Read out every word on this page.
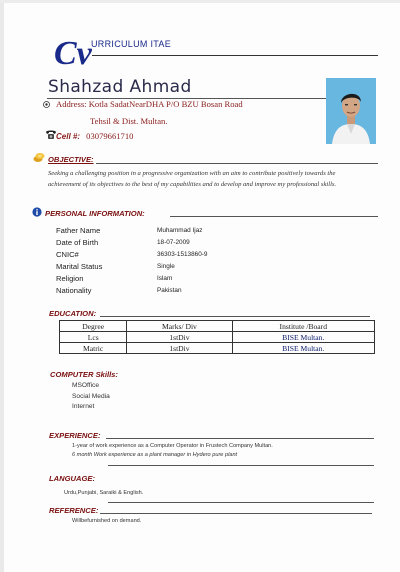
Cv URRICULUM ITAE
Shahzad Ahmad
Address: Kotla SadatNearDHA P/O BZU Bosan Road
Tehsil & Dist. Multan.
Cell #: 03079661710
OBJECTIVE:
Seeking a challenging position in a progressive organization with an aim to contribute positively towards the achievement of its objectives to the best of my capabilities and to develop and improve my professional skills.
PERSONAL INFORMATION:
Father Name	Muhammad Ijaz
Date of Birth	18-07-2009
CNIC#	36303-1513860-9
Marital Status	Single
Religion	Islam
Nationality	Pakistan
EDUCATION:
Degree	Marks/ Div	Institute /Board
Lcs	1stDiv	BISE Multan.
Matric	1stDiv	BISE Multan.
COMPUTER Skills:
MSOffice
Social Media
Internet
EXPERIENCE:
1-year of work experience as a Computer Operator in Frustech Company Multan.
6 month Work experience as a plant manager in Hydero pure plant
LANGUAGE:
Urdu,Punjabi, Saraiki & English.
REFERENCE:
Willbefurnished on demand.
